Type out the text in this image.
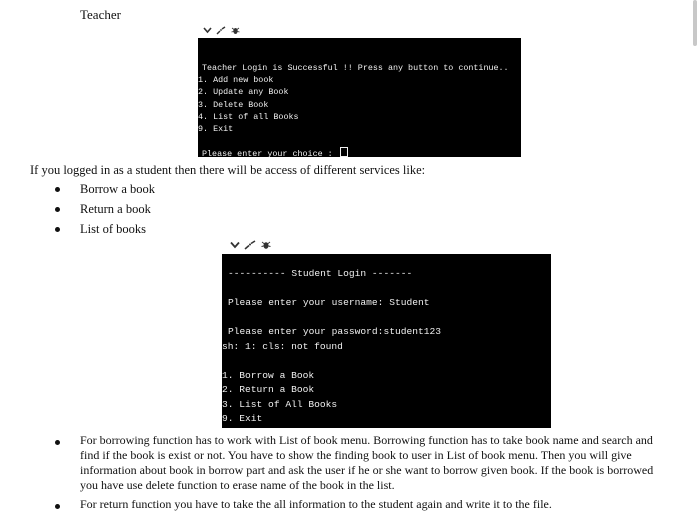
Teacher
Teacher Login is Successful !! Press any button to continue..
1. Add new book
2. Update any Book
3. Delete Book
4. List of all Books
9. Exit
Please enter your choice :
If you logged in as a student then there will be access of different services like:
Borrow a book
Return a book
List of books
---------- Student Login -------
Please enter your username: Student
Please enter your password:student123
sh: 1: cls: not found
1. Borrow a Book
2. Return a Book
3. List of All Books
9. Exit
For borrowing function has to work with List of book menu. Borrowing function has to take book name and search and
find if the book is exist or not. You have to show the finding book to user in List of book menu. Then you will give
information about book in borrow part and ask the user if he or she want to borrow given book. If the book is borrowed
you have use delete function to erase name of the book in the list.
For return function you have to take the all information to the student again and write it to the file.
